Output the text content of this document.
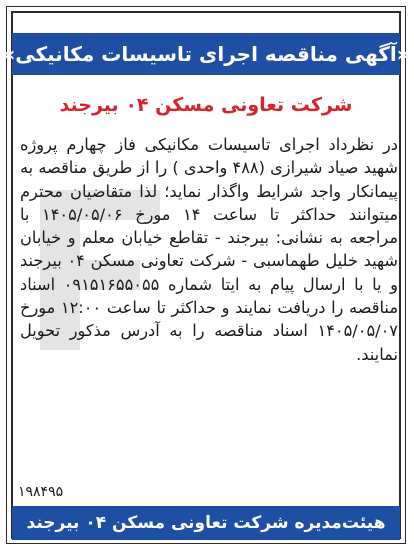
«آگهی مناقصه اجرای تاسیسات مکانیکی»
شرکت تعاونی مسکن ۰۴ بیرجند
در نظرداد اجرای تاسیسات مکانیکی فاز چهارم پروژه شهید صیاد شیرازی (۴۸۸ واحدی ) را از طریق مناقصه به پیمانکار واجد شرایط واگذار نماید؛ لذا متقاضیان محترم میتوانند حداکثر تا ساعت ۱۴ مورخ ۱۴۰۵/۰۵/۰۶ با مراجعه به نشانی: بیرجند - تقاطع خیابان معلم و خیابان شهید خلیل طهماسبی - شرکت تعاونی مسکن ۰۴ بیرجند و یا با ارسال پیام به ایتا شماره ۰۹۱۵۱۶۵۵۰۵۵ اسناد مناقصه را دریافت نمایند و حداکثر تا ساعت ۱۲:۰۰ مورخ ۱۴۰۵/۰۵/۰۷ اسناد مناقصه را به آدرس مذکور تحویل نمایند.
۱۹۸۴۹۵
هیئت‌مدیره شرکت تعاونی مسکن ۰۴ بیرجند
